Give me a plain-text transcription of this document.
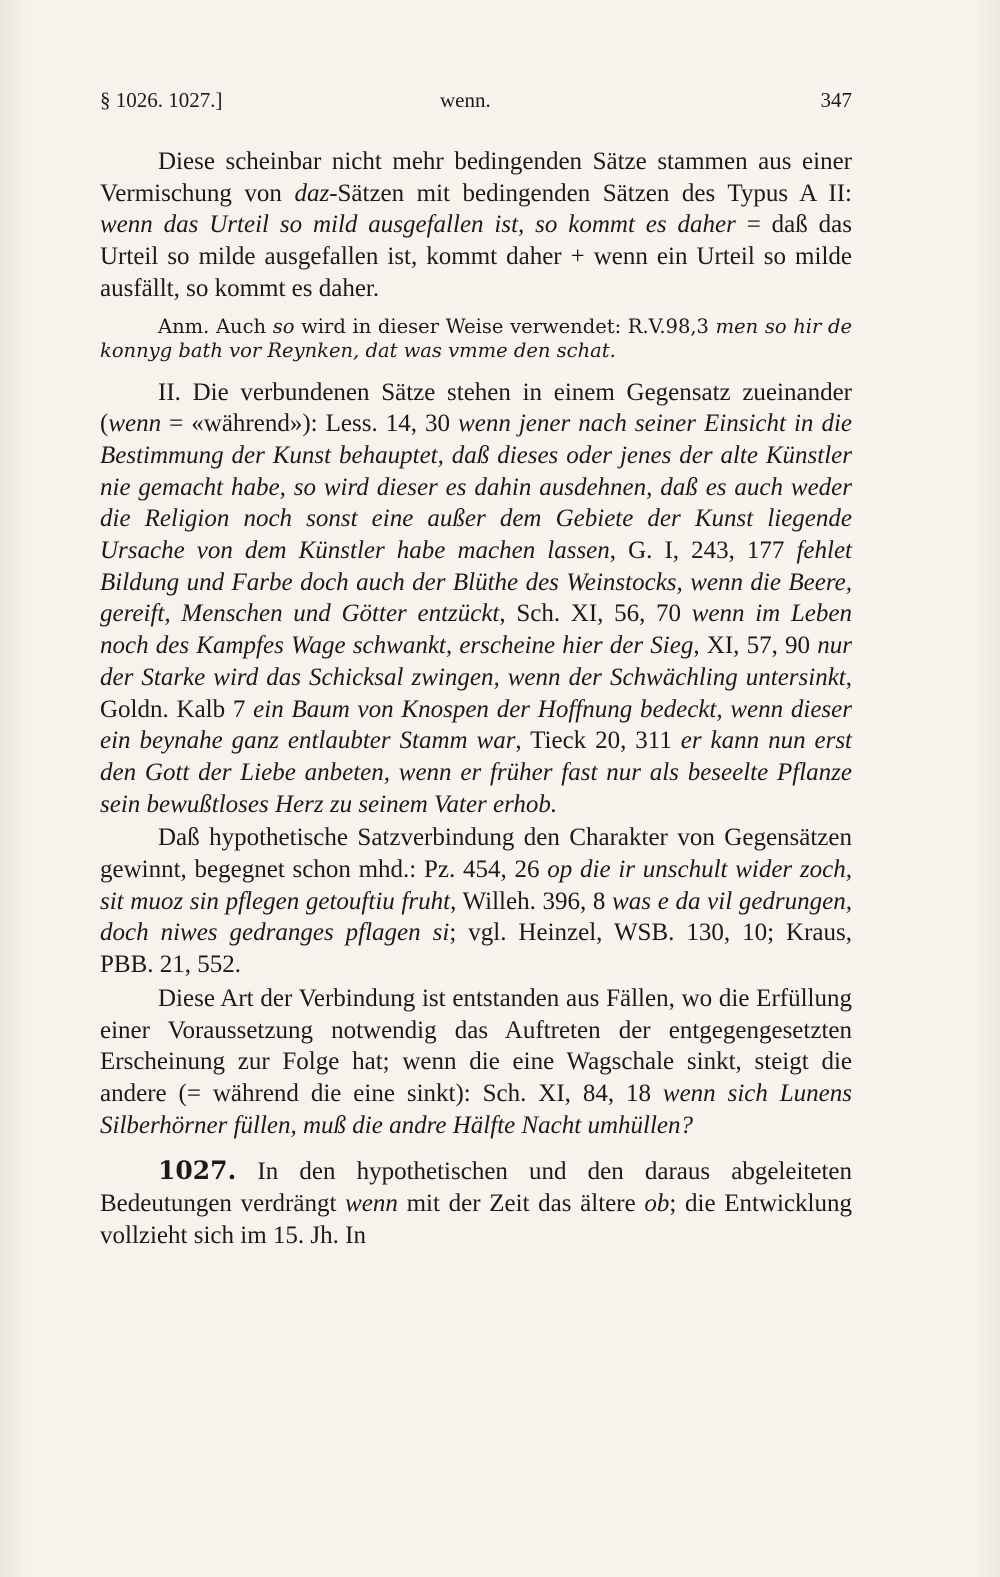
§ 1026. 1027.]	wenn.	347

Diese scheinbar nicht mehr bedingenden Sätze stammen aus einer Vermischung von daz-Sätzen mit bedingenden Sätzen des Typus A II: wenn das Urteil so mild ausgefallen ist, so kommt es daher = daß das Urteil so milde ausgefallen ist, kommt daher + wenn ein Urteil so milde ausfällt, so kommt es daher.

Anm. Auch so wird in dieser Weise verwendet: R.V.98,3 men so hir de konnyg bath vor Reynken, dat was vmme den schat.

II. Die verbundenen Sätze stehen in einem Gegensatz zueinander (wenn = «während»): Less. 14, 30 wenn jener nach seiner Einsicht in die Bestimmung der Kunst behauptet, daß dieses oder jenes der alte Künstler nie gemacht habe, so wird dieser es dahin ausdehnen, daß es auch weder die Religion noch sonst eine außer dem Gebiete der Kunst liegende Ursache von dem Künstler habe machen lassen, G. I, 243, 177 fehlet Bildung und Farbe doch auch der Blüthe des Weinstocks, wenn die Beere, gereift, Menschen und Götter entzückt, Sch. XI, 56, 70 wenn im Leben noch des Kampfes Wage schwankt, erscheine hier der Sieg, XI, 57, 90 nur der Starke wird das Schicksal zwingen, wenn der Schwächling untersinkt, Goldn. Kalb 7 ein Baum von Knospen der Hoffnung bedeckt, wenn dieser ein beynahe ganz entlaubter Stamm war, Tieck 20, 311 er kann nun erst den Gott der Liebe anbeten, wenn er früher fast nur als beseelte Pflanze sein bewußtloses Herz zu seinem Vater erhob.

Daß hypothetische Satzverbindung den Charakter von Gegensätzen gewinnt, begegnet schon mhd.: Pz. 454, 26 op die ir unschult wider zoch, sit muoz sin pflegen getouftiu fruht, Willeh. 396, 8 was e da vil gedrungen, doch niwes gedranges pflagen si; vgl. Heinzel, WSB. 130, 10; Kraus, PBB. 21, 552.

Diese Art der Verbindung ist entstanden aus Fällen, wo die Erfüllung einer Voraussetzung notwendig das Auftreten der entgegengesetzten Erscheinung zur Folge hat; wenn die eine Wagschale sinkt, steigt die andere (= während die eine sinkt): Sch. XI, 84, 18 wenn sich Lunens Silberhörner füllen, muß die andre Hälfte Nacht umhüllen?

1027. In den hypothetischen und den daraus abgeleiteten Bedeutungen verdrängt wenn mit der Zeit das ältere ob; die Entwicklung vollzieht sich im 15. Jh. In
